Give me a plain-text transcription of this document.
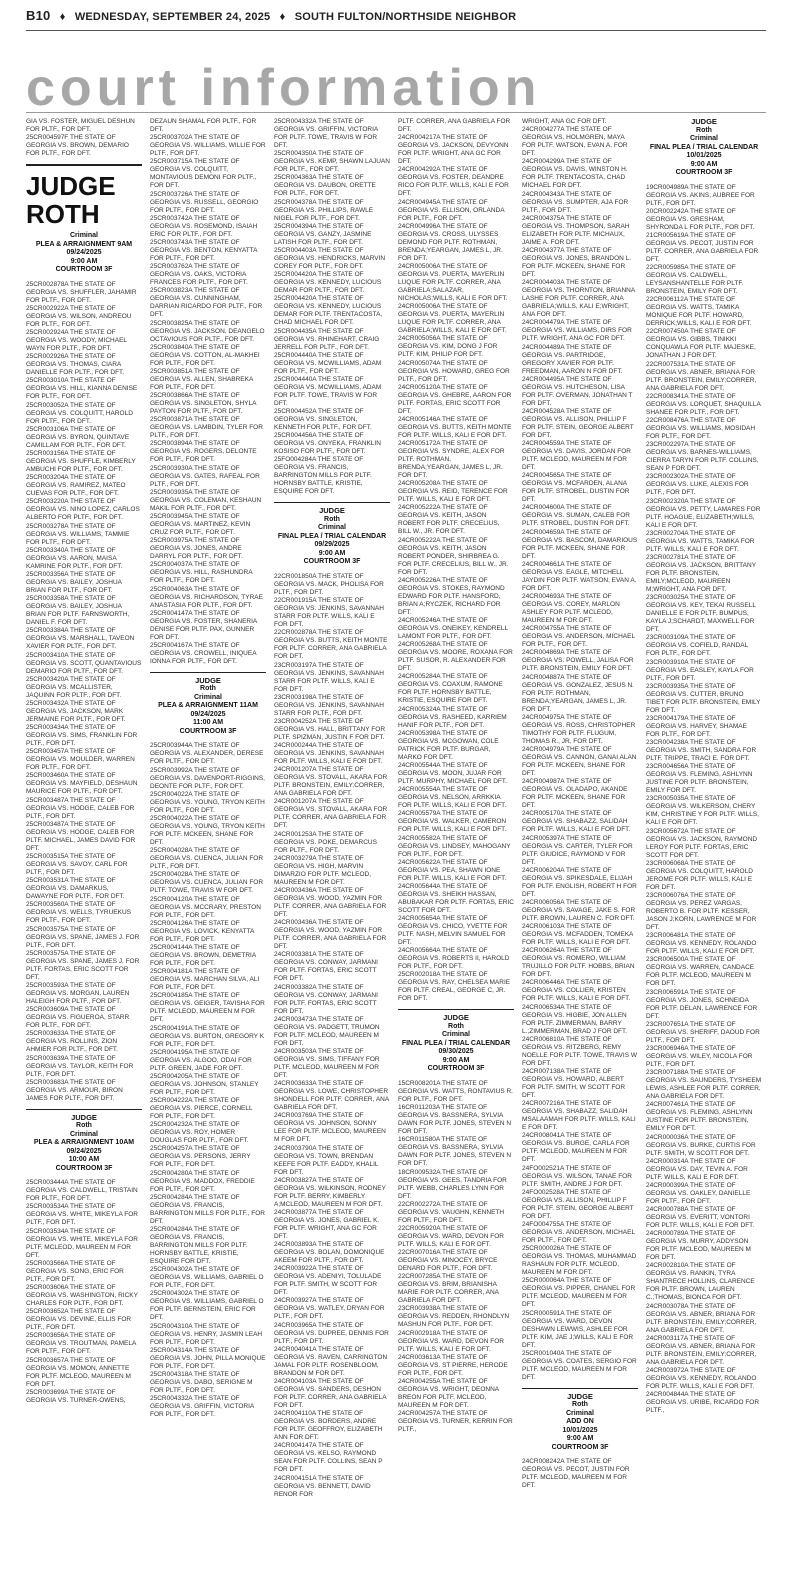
B10 ♦ WEDNESDAY, SEPTEMBER 24, 2025 ♦ SOUTH FULTON/NORTHSIDE NEIGHBOR
court information

GIA VS. FOSTER, MIGUEL DESHUN FOR PLTF., FOR DFT.

25CR004597F THE STATE OF GEORGIA VS. BROWN, DEMARIO FOR PLTF., FOR DFT.

JUDGE ROTH
Criminal
PLEA & ARRAIGNMENT 9AM
09/24/2025
9:00 AM
COURTROOM 3F

25CR002878A THE STATE OF GEORGIA VS. SHUFFLER, JAHAMIR FOR PLTF., FOR DFT.

25CR002922A THE STATE OF GEORGIA VS. WILSON, ANDREOU FOR PLTF., FOR DFT.

25CR002924A THE STATE OF GEORGIA VS. WOODY, MICHAEL WAYN FOR PLTF., FOR DFT.

25CR002926A THE STATE OF GEORGIA VS. THOMAS, CIARA DANIELLE FOR PLTF., FOR DFT.

25CR003010A THE STATE OF GEORGIA VS. HILL, KIANNA DENISE FOR PLTF., FOR DFT.

25CR003052A THE STATE OF GEORGIA VS. COLQUITT, HAROLD FOR PLTF., FOR DFT.

25CR003106A THE STATE OF GEORGIA VS. BYRON, QUINTAVE CAMILLAM FOR PLTF., FOR DFT.

25CR003156A THE STATE OF GEORGIA VS. SHUFFLE, KIMBERLY AMBUCHI FOR PLTF., FOR DFT.

25CR003204A THE STATE OF GEORGIA VS. RAMIREZ, MATEO CUEVAS FOR PLTF., FOR DFT.

25CR003220A THE STATE OF GEORGIA VS. NINO LOPEZ, CARLOS ALBERTO FOR PLTF., FOR DFT.

25CR003278A THE STATE OF GEORGIA VS. WILLIAMS, TAMMIE FOR PLTF., FOR DFT.

25CR003340A THE STATE OF GEORGIA VS. AARON, MAISA KAMRINE FOR PLTF., FOR DFT.

25CR003356A THE STATE OF GEORGIA VS. BAILEY, JOSHUA BRIAN FOR PLTF., FOR DFT.

25CR003358A THE STATE OF GEORGIA VS. BAILEY, JOSHUA BRIAN FOR PLTF. FARNSWORTH, DANIEL F. FOR DFT.

25CR003384A THE STATE OF GEORGIA VS. MARSHALL, TAVEON XAVIER FOR PLTF., FOR DFT.

25CR003410A THE STATE OF GEORGIA VS. SCOTT, QUANTAVIOUS DEMARIO FOR PLTF., FOR DFT.

25CR003420A THE STATE OF GEORGIA VS. MCALLISTER, JAQUINN FOR PLTF., FOR DFT.

25CR003432A THE STATE OF GEORGIA VS. JACKSON, MARK JERMAINE FOR PLTF., FOR DFT.

25CR003434A THE STATE OF GEORGIA VS. SIMS, FRANKLIN FOR PLTF., FOR DFT.

25CR003457A THE STATE OF GEORGIA VS. MOULDER, WARREN FOR PLTF., FOR DFT.

25CR003460A THE STATE OF GEORGIA VS. MAYFIELD, DESHAUN MAURICE FOR PLTF., FOR DFT.

25CR003487A THE STATE OF GEORGIA VS. HODGE, CALEB FOR PLTF., FOR DFT.

25CR003487A THE STATE OF GEORGIA VS. HODGE, CALEB FOR PLTF. MICHAEL, JAMES DAVID FOR DFT.

25CR003515A THE STATE OF GEORGIA VS. SAVOY, CARL FOR PLTF., FOR DFT.

25CR003531A THE STATE OF GEORGIA VS. DAMARKUS, DAWAYNE FOR PLTF., FOR DFT.

25CR003560A THE STATE OF GEORGIA VS. WELLS, TYRUEKUS FOR PLTF., FOR DFT.

25CR003575A THE STATE OF GEORGIA VS. SPANE, JAMES J. FOR PLTF., FOR DFT.

25CR003575A THE STATE OF GEORGIA VS. SPANE, JAMES J. FOR PLTF. FORTAS, ERIC SCOTT FOR DFT.

25CR003593A THE STATE OF GEORGIA VS. MORGAN, LAUREN HALEIGH FOR PLTF., FOR DFT.

25CR003609A THE STATE OF GEORGIA VS. FIGUEROA, STARR FOR PLTF., FOR DFT.

25CR003633A THE STATE OF GEORGIA VS. ROLLINS, ZION AHMIER FOR PLTF., FOR DFT.

25CR003639A THE STATE OF GEORGIA VS. TAYLOR, KEITH FOR PLTF., FOR DFT.

25CR003683A THE STATE OF GEORGIA VS. ARMOUR, BIRON JAMES FOR PLTF., FOR DFT.

JUDGE
Roth
Criminal
PLEA & ARRAIGNMENT 10AM
09/24/2025
10:00 AM
COURTROOM 3F

25CR003444A THE STATE OF GEORGIA VS. CALDWELL, TRISTAIN FOR PLTF., FOR DFT.

25CR003534A THE STATE OF GEORGIA VS. WHITE, MIKEYLA FOR PLTF., FOR DFT.

25CR003534A THE STATE OF GEORGIA VS. WHITE, MIKEYLA FOR PLTF. MCLEOD, MAUREEN M FOR DFT.

25CR003566A THE STATE OF GEORGIA VS. SONG, ERIC FOR PLTF., FOR DFT.

25CR003606A THE STATE OF GEORGIA VS. WASHINGTON, RICKY CHARLES FOR PLTF., FOR DFT.

25CR003652A THE STATE OF GEORGIA VS. DEVINE, ELLIS FOR PLTF., FOR DFT.

25CR003656A THE STATE OF GEORGIA VS. TROUTMAN, PAMELA FOR PLTF., FOR DFT.

25CR003657A THE STATE OF GEORGIA VS. MOMON, ANNETTE FOR PLTF. MCLEOD, MAUREEN M FOR DFT.

25CR003699A THE STATE OF GEORGIA VS. TURNER-OWENS,

DEZAUN SHAMAL FOR PLTF., FOR DFT.

25CR003702A THE STATE OF GEORGIA VS. WILLIAMS, WILLIE FOR PLTF., FOR DFT.

25CR003715A THE STATE OF GEORGIA VS. COLQUITT, MONTAVIOUS DEMONI FOR PLTF., FOR DFT.

25CR003726A THE STATE OF GEORGIA VS. RUSSELL, GEORGIO FOR PLTF., FOR DFT.

25CR003742A THE STATE OF GEORGIA VS. ROSEMOND, ISAIAH ERIC FOR PLTF., FOR DFT.

25CR003743A THE STATE OF GEORGIA VS. BENTON, KENYATTA FOR PLTF., FOR DFT.

25CR003762A THE STATE OF GEORGIA VS. OAKS, VICTORIA FRANCES FOR PLTF., FOR DFT.

25CR003823A THE STATE OF GEORGIA VS. CUNNINGHAM, DARRIAN RICARDO FOR PLTF., FOR DFT.

25CR003825A THE STATE OF GEORGIA VS. JACKSON, DEANGELO OCTAVIOUS FOR PLTF., FOR DFT.

25CR003840A THE STATE OF GEORGIA VS. COTTON, AL-MAKHEI FOR PLTF., FOR DFT.

25CR003851A THE STATE OF GEORGIA VS. ALLEN, SHABREKA FOR PLTF., FOR DFT.

25CR003866A THE STATE OF GEORGIA VS. SINGLETON, SHYLA PAYTON FOR PLTF., FOR DFT.

25CR003871A THE STATE OF GEORGIA VS. LAMBDIN, TYLER FOR PLTF., FOR DFT.

25CR003894A THE STATE OF GEORGIA VS. ROGERS, DELONTE FOR PLTF., FOR DFT.

25CR003930A THE STATE OF GEORGIA VS. GATES, RAFEAL FOR PLTF., FOR DFT.

25CR003935A THE STATE OF GEORGIA VS. COLEMAN, KESHAUN MAKIL FOR PLTF., FOR DFT.

25CR003945A THE STATE OF GEORGIA VS. MARTINEZ, KEVIN CRUZ FOR PLTF., FOR DFT.

25CR003975A THE STATE OF GEORGIA VS. JONES, ANDRE DARRYL FOR PLTF., FOR DFT.

25CR004037A THE STATE OF GEORGIA VS. HILL, RASHUNDRA FOR PLTF., FOR DFT.

25CR004063A THE STATE OF GEORGIA VS. RICHARDSON, TYRAE ANASTASIA FOR PLTF., FOR DFT.

25CR004147A THE STATE OF GEORGIA VS. FOSTER, SHANERIA DENISE FOR PLTF. PAX, GUNNER FOR DFT.

25CR004167A THE STATE OF GEORGIA VS. CROWELL, INIQUEA IONNA FOR PLTF., FOR DFT.

JUDGE
Roth
Criminal
PLEA & ARRAIGNMENT 11AM
09/24/2025
11:00 AM
COURTROOM 3F

25CR003944A THE STATE OF GEORGIA VS. ALEXANDER, DERESE FOR PLTF., FOR DFT.

25CR003992A THE STATE OF GEORGIA VS. DAVENPORT-RIGGINS, DEONTE FOR PLTF., FOR DFT.

25CR004022A THE STATE OF GEORGIA VS. YOUNG, TRYON KEITH FOR PLTF., FOR DFT.

25CR004022A THE STATE OF GEORGIA VS. YOUNG, TRYON KEITH FOR PLTF. MCKEEN, SHANE FOR DFT.

25CR004028A THE STATE OF GEORGIA VS. CUENCA, JULIAN FOR PLTF., FOR DFT.

25CR004028A THE STATE OF GEORGIA VS. CUENCA, JULIAN FOR PLTF. TOWE, TRAVIS W FOR DFT.

25CR004120A THE STATE OF GEORGIA VS. MCCRARY, PRESTON FOR PLTF., FOR DFT.

25CR004126A THE STATE OF GEORGIA VS. LOVICK, KENYATTA FOR PLTF., FOR DFT.

25CR004144A THE STATE OF GEORGIA VS. BROWN, DEMETRIA FOR PLTF., FOR DFT.

25CR004181A THE STATE OF GEORGIA VS. MARCHAN SILVA, ALI FOR PLTF., FOR DFT.

25CR004185A THE STATE OF GEORGIA VS. GEIGER, TAVISHA FOR PLTF. MCLEOD, MAUREEN M FOR DFT.

25CR004191A THE STATE OF GEORGIA VS. BURTON, GREGORY K FOR PLTF., FOR DFT.

25CR004195A THE STATE OF GEORGIA VS. ALGOO, ODAI FOR PLTF. GREEN, JADE FOR DFT.

25CR004205A THE STATE OF GEORGIA VS. JOHNSON, STANLEY FOR PLTF., FOR DFT.

25CR004222A THE STATE OF GEORGIA VS. PIERCE, CORNELL FOR PLTF., FOR DFT.

25CR004232A THE STATE OF GEORGIA VS. ROY, HOMER DOUGLAS FOR PLTF., FOR DFT.

25CR004257A THE STATE OF GEORGIA VS. PERSONS, JERRY FOR PLTF., FOR DFT.

25CR004280A THE STATE OF GEORGIA VS. MADDOX, FREDDIE FOR PLTF., FOR DFT.

25CR004284A THE STATE OF GEORGIA VS. FRANCIS, BARRINGTON MILLS FOR PLTF., FOR DFT.

25CR004284A THE STATE OF GEORGIA VS. FRANCIS, BARRINGTON MILLS FOR PLTF. HORNSBY BATTLE, KRISTIE, ESQUIRE FOR DFT.

25CR004302A THE STATE OF GEORGIA VS. WILLIAMS, GABRIEL O FOR PLTF., FOR DFT.

25CR004302A THE STATE OF GEORGIA VS. WILLIAMS, GABRIEL O FOR PLTF. BERNSTEIN, ERIC FOR DFT.

25CR004310A THE STATE OF GEORGIA VS. HENRY, JASMIN LEAH FOR PLTF., FOR DFT.

25CR004314A THE STATE OF GEORGIA VS. JOHN, PILLA MONIQUE FOR PLTF., FOR DFT.

25CR004318A THE STATE OF GEORGIA VS. DABO, SERIGNE M FOR PLTF., FOR DFT.

25CR004332A THE STATE OF GEORGIA VS. GRIFFIN, VICTORIA FOR PLTF., FOR DFT.

25CR004332A THE STATE OF GEORGIA VS. GRIFFIN, VICTORIA FOR PLTF. TOWE, TRAVIS W FOR DFT.

25CR004350A THE STATE OF GEORGIA VS. KEMP, SHAWN LAJUAN FOR PLTF., FOR DFT.

25CR004363A THE STATE OF GEORGIA VS. DAUBON, ORETTE FOR PLTF., FOR DFT.

25CR004378A THE STATE OF GEORGIA VS. PHILLIPS, RAWLE NIGEL FOR PLTF., FOR DFT.

25CR004394A THE STATE OF GEORGIA VS. GANZY, JASMINE LATISH FOR PLTF., FOR DFT.

25CR004403A THE STATE OF GEORGIA VS. HENDRICKS, MARVIN COREY FOR PLTF., FOR DFT.

25CR004420A THE STATE OF GEORGIA VS. KENNEDY, LUCIOUS DEMAR FOR PLTF., FOR DFT.

25CR004420A THE STATE OF GEORGIA VS. KENNEDY, LUCIOUS DEMAR FOR PLTF. TRENTACOSTA, CHAD MICHAEL FOR DFT.

25CR004435A THE STATE OF GEORGIA VS. RHINEHART, CRAIG JERRELL FOR PLTF., FOR DFT.

25CR004440A THE STATE OF GEORGIA VS. MCWILLIAMS, ADAM FOR PLTF., FOR DFT.

25CR004440A THE STATE OF GEORGIA VS. MCWILLIAMS, ADAM FOR PLTF. TOWE, TRAVIS W FOR DFT.

25CR004452A THE STATE OF GEORGIA VS. SINGLETON, KENNETH FOR PLTF., FOR DFT.

25CR004456A THE STATE OF GEORGIA VS. ONYEKA, FRANKLIN KOSISO FOR PLTF., FOR DFT.

25FO004284A THE STATE OF GEORGIA VS. FRANCIS, BARRINGTON MILLS FOR PLTF. HORNSBY BATTLE, KRISTIE, ESQUIRE FOR DFT.

JUDGE
Roth
Criminal
FINAL PLEA / TRIAL CALENDAR
09/29/2025
9:00 AM
COURTROOM 3F

22CR001850A THE STATE OF GEORGIA VS. MACK, PHOLISA FOR PLTF., FOR DFT.

22CR001915A THE STATE OF GEORGIA VS. JENKINS, SAVANNAH STARR FOR PLTF. WILLS, KALI E FOR DFT.

22CR002878A THE STATE OF GEORGIA VS. BUTTS, KEITH MONTE FOR PLTF. CORRER, ANA GABRIELA FOR DFT.

23CR003197A THE STATE OF GEORGIA VS. JENKINS, SAVANNAH STARR FOR PLTF. WILLS, KALI E FOR DFT.

23CR003198A THE STATE OF GEORGIA VS. JENKINS, SAVANNAH STARR FOR PLTF., FOR DFT.

23CR004252A THE STATE OF GEORGIA VS. HALL, BRITTANY FOR PLTF. SPIZMAN, JUSTIN F FOR DFT.

24CR000244A THE STATE OF GEORGIA VS. JENKINS, SAVANNAH FOR PLTF. WILLS, KALI E FOR DFT.

24CR001207A THE STATE OF GEORGIA VS. STOVALL, AKARA FOR PLTF. BRONSTEIN, EMILY;CORRER, ANA GABRIELA FOR DFT.

24CR001207A THE STATE OF GEORGIA VS. STOVALL, AKARA FOR PLTF. CORRER, ANA GABRIELA FOR DFT.

24CR001253A THE STATE OF GEORGIA VS. POKE, DEMARCUS FOR PLTF., FOR DFT.

24CR003279A THE STATE OF GEORGIA VS. HIGH, MARVIN DIMARZIO FOR PLTF. MCLEOD, MAUREEN M FOR DFT.

24CR003436A THE STATE OF GEORGIA VS. WOOD, YAZMIN FOR PLTF. CORRER, ANA GABRIELA FOR DFT.

24CR003436A THE STATE OF GEORGIA VS. WOOD, YAZMIN FOR PLTF. CORRER, ANA GABRIELA FOR DFT.

24CR003381A THE STATE OF GEORGIA VS. CONWAY, JARMANI FOR PLTF. FORTAS, ERIC SCOTT FOR DFT.

24CR003382A THE STATE OF GEORGIA VS. CONWAY, JARMANI FOR PLTF. FORTAS, ERIC SCOTT FOR DFT.

24CR003473A THE STATE OF GEORGIA VS. PADGETT, TRUMON FOR PLTF. MCLEOD, MAUREEN M FOR DFT.

24CR003503A THE STATE OF GEORGIA VS. SIMS, TIFFANY FOR PLTF. MCLEOD, MAUREEN M FOR DFT.

24CR003633A THE STATE OF GEORGIA VS. LOWE, CHRISTOPHER SHONDELL FOR PLTF. CORRER, ANA GABRIELA FOR DFT.

24CR003769A THE STATE OF GEORGIA VS. JOHNSON, SONNY LEE FOR PLTF. MCLEOD, MAUREEN M FOR DFT.

24CR003790A THE STATE OF GEORGIA VS. TOWN, BRENDAN KEEFE FOR PLTF. EADDY, KHALIL FOR DFT.

24CR003827A THE STATE OF GEORGIA VS. WILKINSON, RODNEY FOR PLTF. BERRY, KIMBERLY A;MCLEOD, MAUREEN M FOR DFT.

24CR003877A THE STATE OF GEORGIA VS. JONES, GABRIEL K. FOR PLTF. WRIGHT, ANA GC FOR DFT.

24CR003893A THE STATE OF GEORGIA VS. BOLAN, DOMONIQUE AKEEM FOR PLTF., FOR DFT.

24CR003922A THE STATE OF GEORGIA VS. ADENIYI, TOLULADE FOR PLTF. SMITH, W SCOTT FOR DFT.

24CR003927A THE STATE OF GEORGIA VS. WATLEY, DRYAN FOR PLTF., FOR DFT.

24CR003965A THE STATE OF GEORGIA VS. DUPREE, DENNIS FOR PLTF., FOR DFT.

24CR004041A THE STATE OF GEORGIA VS. RAVEN, CARRINGTON JAMAL FOR PLTF. ROSENBLOOM, BRANDON M FOR DFT.

24CR004103A THE STATE OF GEORGIA VS. SANDERS, DESHON FOR PLTF. CORRER, ANA GABRIELA FOR DFT.

24CR004110A THE STATE OF GEORGIA VS. BORDERS, ANDRE FOR PLTF. GEOFFROY, ELIZABETH ANN FOR DFT.

24CR004147A THE STATE OF GEORGIA VS. KELSO, RAYMOND SEAN FOR PLTF. COLLINS, SEAN P FOR DFT.

24CR004151A THE STATE OF GEORGIA VS. BENNETT, DAVID RENOR FOR

PLTF. CORRER, ANA GABRIELA FOR DFT.

24CR004217A THE STATE OF GEORGIA VS. JACKSON, DEVYONN FOR PLTF. WRIGHT, ANA GC FOR DFT.

24CR004292A THE STATE OF GEORGIA VS. FOSTER, DEANDRE RICO FOR PLTF. WILLS, KALI E FOR DFT.

24CR004945A THE STATE OF GEORGIA VS. ELLISON, ORLANDA FOR PLTF., FOR DFT.

24CR004996A THE STATE OF GEORGIA VS. CROSS, ULYSSES DEMOND FOR PLTF. ROTHMAN, BRENDA;YEARGAN, JAMES L, JR. FOR DFT.

24CR005006A THE STATE OF GEORGIA VS. PUERTA, MAYERLIN LUQUE FOR PLTF. CORRER, ANA GABRIELA;SALAZAR, NICHOLAS;WILLS, KALI E FOR DFT.

24CR005006A THE STATE OF GEORGIA VS. PUERTA, MAYERLIN LUQUE FOR PLTF. CORRER, ANA GABRIELA;WILLS, KALI E FOR DFT.

24CR005056A THE STATE OF GEORGIA VS. KIM, DONG J FOR PLTF. KIM, PHILIP FOR DFT.

24CR005074A THE STATE OF GEORGIA VS. HOWARD, GREG FOR PLTF., FOR DFT.

24CR005120A THE STATE OF GEORGIA VS. GHEBRE, AARON FOR PLTF. FORTAS, ERIC SCOTT FOR DFT.

24CR005146A THE STATE OF GEORGIA VS. BUTTS, KEITH MONTE FOR PLTF. WILLS, KALI E FOR DFT.

24CR005172A THE STATE OF GEORGIA VS. SYNDRE, ALEX FOR PLTF. ROTHMAN, BRENDA;YEARGAN, JAMES L, JR. FOR DFT.

24CR005208A THE STATE OF GEORGIA VS. REID, TERENCE FOR PLTF. WILLS, KALI E FOR DFT.

24CR005222A THE STATE OF GEORGIA VS. KEITH, JASON ROBERT FOR PLTF. CRECELIUS, BILL W., JR. FOR DFT.

24CR005222A THE STATE OF GEORGIA VS. KEITH, JASON ROBERT PONDER, SHIRBREA G. FOR PLTF. CRECELIUS, BILL W., JR. FOR DFT.

24CR005226A THE STATE OF GEORGIA VS. STOKES, RAYMOND EDWARD FOR PLTF. HANSFORD, BRIAN A;RYCZEK, RICHARD FOR DFT.

24CR005246A THE STATE OF GEORGIA VS. ONEIKEY, KENDRELL LAMONT FOR PLTF., FOR DFT.

24CR005268A THE STATE OF GEORGIA VS. MOORE, ROXANA FOR PLTF. SUSOR, R. ALEXANDER FOR DFT.

24CR005284A THE STATE OF GEORGIA VS. COAXUM, RAMONE FOR PLTF. HORNSBY BATTLE, KRISTIE, ESQUIRE FOR DFT.

24CR005324A THE STATE OF GEORGIA VS. RASHEED, KARRIEM HANIF FOR PLTF., FOR DFT.

24CR005398A THE STATE OF GEORGIA VS. MCGOWAN, COLE PATRICK FOR PLTF. BURGAR, MARKO FOR DFT.

24CR005544A THE STATE OF GEORGIA VS. MOON, JUJAR FOR PLTF. MURPHY, MICHAEL FOR DFT.

24CR005554A THE STATE OF GEORGIA VS. NELSON, ARRKKIA FOR PLTF. WILLS, KALI E FOR DFT.

24CR005579A THE STATE OF GEORGIA VS. WALKER, CAMERON FOR PLTF. WILLS, KALI E FOR DFT.

24CR005582A THE STATE OF GEORGIA VS. LINDSEY, MAHOGANY FOR PLTF., FOR DFT.

24CR005622A THE STATE OF GEORGIA VS. PEA, SHAWN IONE FOR PLTF. WILLS, KALI E FOR DFT.

24CR005644A THE STATE OF GEORGIA VS. SHEIKH HASSAN, ABUBAKAR FOR PLTF. FORTAS, ERIC SCOTT FOR DFT.

24CR005654A THE STATE OF GEORGIA VS. CHICO, YVETTE FOR PLTF. NASH, MELVIN SAMUEL FOR DFT.

24CR005664A THE STATE OF GEORGIA VS. ROBERTS II, HAROLD FOR PLTF., FOR DFT.

25CR002018A THE STATE OF GEORGIA VS. RAY, CHELSEA MARIE FOR PLTF. CREAL, GEORGE C, JR. FOR DFT.

JUDGE
Roth
Criminal
FINAL PLEA / TRIAL CALENDAR
09/30/2025
9:00 AM
COURTROOM 3F

15CR008201A THE STATE OF GEORGIA VS. WATTS, RONTAVIUS R. FOR PLTF., FOR DFT.

16CR011203A THE STATE OF GEORGIA VS. BASSNERA, SYLVIA DAWN FOR PLTF. JONES, STEVEN N FOR DFT.

16CR011580A THE STATE OF GEORGIA VS. BASSNERA, SYLVIA DAWN FOR PLTF. JONES, STEVEN N FOR DFT.

18CR009532A THE STATE OF GEORGIA VS. GEES, TANDRIA FOR PLTF. WEBB, CHARLES LYNN FOR DFT.

22CR002272A THE STATE OF GEORGIA VS. VAUGHN, KENNETH FOR PLTF., FOR DFT.

22CR005920A THE STATE OF GEORGIA VS. WARD, DEVON FOR PLTF. WILLS, KALI E FOR DFT.

22CR007016A THE STATE OF GEORGIA VS. MINOCEY, BRYCE DENARD FOR PLTF., FOR DFT.

22CR007285A THE STATE OF GEORGIA VS. BRIM, BRIANISHA MARIE FOR PLTF. CORRER, ANA GABRIELA FOR DFT.

23CR003938A THE STATE OF GEORGIA VS. REDDEN, RHONDLYN MASHUN FOR PLTF., FOR DFT.

24CR002918A THE STATE OF GEORGIA VS. WARD, DEVON FOR PLTF. WILLS, KALI E FOR DFT.

24CR003613A THE STATE OF GEORGIA VS. ST PIERRE, HERODE FOR PLTF., FOR DFT.

24CR004255A THE STATE OF GEORGIA VS. WRIGHT, DEONNA BREON FOR PLTF. MCLEOD, MAUREEN M FOR DFT.

24CR004257A THE STATE OF GEORGIA VS. TURNER, KERRIN FOR PLTF.,

WRIGHT, ANA GC FOR DFT.

24CR004277A THE STATE OF GEORGIA VS. HOLMGREN, MAYA FOR PLTF. WATSON, EVAN A. FOR DFT.

24CR004299A THE STATE OF GEORGIA VS. DAVIS, WINSTON H. FOR PLTF. TRENTACOSTA, CHAD MICHAEL FOR DFT.

24CR004343A THE STATE OF GEORGIA VS. SUMPTER, AJA FOR PLTF., FOR DFT.

24CR004375A THE STATE OF GEORGIA VS. THOMPSON, SARAH ELIZABETH FOR PLTF. MICHAUX, JAIME A. FOR DFT.

24CR004377A THE STATE OF GEORGIA VS. JONES, BRANDON L. FOR PLTF. MCKEEN, SHANE FOR DFT.

24CR004403A THE STATE OF GEORGIA VS. THORNTON, BRIANNA LASHE FOR PLTF. CORRER, ANA GABRIELA;WILLS, KALI E;WRIGHT, ANA FOR DFT.

24CR004479A THE STATE OF GEORGIA VS. WILLIAMS, DIRS FOR PLTF. WRIGHT, ANA GC FOR DFT.

24CR004489A THE STATE OF GEORGIA VS. PARTRIDGE, GREGORY XAVIER FOR PLTF. FREEDMAN, AARON N FOR DFT.

24CR004495A THE STATE OF GEORGIA VS. HUTCHESON, LISA FOR PLTF. OVERMAN, JONATHAN T FOR DFT.

24CR004528A THE STATE OF GEORGIA VS. ALLISON, PHILLIP F FOR PLTF. STEIN, GEORGE ALBERT FOR DFT.

24CR004559A THE STATE OF GEORGIA VS. DAVIS, JORDAN FOR PLTF. MCLEOD, MAUREEN M FOR DFT.

24CR004565A THE STATE OF GEORGIA VS. MCFARDEN, ALANA FOR PLTF. STROBEL, DUSTIN FOR DFT.

24CR004600A THE STATE OF GEORGIA VS. SUMAN, CALEB FOR PLTF. STROBEL, DUSTIN FOR DFT.

24CR004659A THE STATE OF GEORGIA VS. BASCOM, DAMARIOUS FOR PLTF. MCKEEN, SHANE FOR DFT.

24CR004661A THE STATE OF GEORGIA VS. EAGLE, MITCHELL JAYDIN FOR PLTF. WATSON, EVAN A. FOR DFT.

24CR004693A THE STATE OF GEORGIA VS. COREY, MARLON ASHLEY FOR PLTF. MCLEOD, MAUREEN M FOR DFT.

24CR004755A THE STATE OF GEORGIA VS. ANDERSON, MICHAEL FOR PLTF., FOR DFT.

24CR004869A THE STATE OF GEORGIA VS. POWELL, JALISA FOR PLTF. BRONSTEIN, EMILY FOR DFT.

24CR004887A THE STATE OF GEORGIA VS. GONZALEZ, JESUS N. FOR PLTF. ROTHMAN, BRENDA;YEARGAN, JAMES L, JR. FOR DFT.

24CR004975A THE STATE OF GEORGIA VS. ROSS, CHRISTOPHER TIMOTHY FOR PLTF. FLUGUM, THOMAS R., JR. FOR DFT.

24CR004979A THE STATE OF GEORGIA VS. CANNON, GANAI ALAN FOR PLTF. MCKEEN, SHANE FOR DFT.

24CR004987A THE STATE OF GEORGIA VS. OLADAPO, AKANDE FOR PLTF. MCKEEN, SHANE FOR DFT.

24CR005170A THE STATE OF GEORGIA VS. SHABAZZ, SALIDAH FOR PLTF. WILLS, KALI E FOR DFT.

24CR005397A THE STATE OF GEORGIA VS. CARTER, TYLER FOR PLTF. GIUDICE, RAYMOND V FOR DFT.

24CR006204A THE STATE OF GEORGIA VS. SPIKESDALE, ELIJAH FOR PLTF. ENGLISH, ROBERT H FOR DFT.

24CR006056A THE STATE OF GEORGIA VS. SAVAGE, JAKE S. FOR PLTF. BROWN, LAUREN C. FOR DFT.

24CR006103A THE STATE OF GEORGIA VS. MCFADDEN, TOMEKA FOR PLTF. WILLS, KALI E FOR DFT.

24CR006264A THE STATE OF GEORGIA VS. ROMERO, WILLIAM TRUJILLO FOR PLTF. HOBBS, BRIAN FOR DFT.

24CR006446A THE STATE OF GEORGIA VS. COLLIER, KRISTEN FOR PLTF. WILLS, KALI E FOR DFT.

24CR006534A THE STATE OF GEORGIA VS. HIGBIE, JON ALLEN FOR PLTF. ZIMMERMAN, BARRY L.;ZIMMERMAN, BRAD J FOR DFT.

24CR006810A THE STATE OF GEORGIA VS. RITZBERG, REMY NOELLE FOR PLTF. TOWE, TRAVIS W FOR DFT.

24CR007138A THE STATE OF GEORGIA VS. HOWARD, ALBERT FOR PLTF. SMITH, W SCOTT FOR DFT.

24CR007216A THE STATE OF GEORGIA VS. SHABAZZ, SALIDAH MSALAAMAH FOR PLTF. WILLS, KALI E FOR DFT.

24CR008041A THE STATE OF GEORGIA VS. BURGE, CARLA FOR PLTF. MCLEOD, MAUREEN M FOR DFT.

24FO002521A THE STATE OF GEORGIA VS. WILSON, TANAE FOR PLTF. SMITH, ANDRE J FOR DFT.

24FO002528A THE STATE OF GEORGIA VS. ALLISON, PHILLIP F FOR PLTF. STEIN, GEORGE ALBERT FOR DFT.

24FO004755A THE STATE OF GEORGIA VS. ANDERSON, MICHAEL FOR PLTF., FOR DFT.

25CR000026A THE STATE OF GEORGIA VS. THOMAS, MUHAMMAD RASHAUN FOR PLTF. MCLEOD, MAUREEN M FOR DFT.

25CR000064A THE STATE OF GEORGIA VS. PIPPER, CHANEL FOR PLTF. MCLEOD, MAUREEN M FOR DFT.

25CR000591A THE STATE OF GEORGIA VS. WARD, DEVON DESHAWN LEWWIS, ASHLEE FOR PLTF. KIM, JAE J;WILLS, KALI E FOR DFT.

25CR001040A THE STATE OF GEORGIA VS. COATES, SERGIO FOR PLTF. MCLEOD, MAUREEN M FOR DFT.

JUDGE
Roth
Criminal
ADD ON
10/01/2025
9:00 AM
COURTROOM 3F

24CR008242A THE STATE OF GEORGIA VS. PECOT, JUSTIN FOR PLTF. MCLEOD, MAUREEN M FOR DFT.

JUDGE
Roth
Criminal
FINAL PLEA / TRIAL CALENDAR
10/01/2025
9:00 AM
COURTROOM 3F

19CR004989A THE STATE OF GEORGIA VS. AKINS, AUBREE FOR PLTF., FOR DFT.

20CR002242A THE STATE OF GEORGIA VS. GRESHAM, SHYRONDA L FOR PLTF., FOR DFT.

21CR005619A THE STATE OF GEORGIA VS. PECOT, JUSTIN FOR PLTF. CORRER, ANA GABRIELA FOR DFT.

22CR005985A THE STATE OF GEORGIA VS. CALDWELL, LEYSANSHANTELLE FOR PLTF. BRONSTEIN, EMILY FOR DFT.

22CR006112A THE STATE OF GEORGIA VS. WATTS, TAMIKA MONIQUE FOR PLTF. HOWARD, DERRICK;WILLS, KALI E FOR DFT.

22CR007450A THE STATE OF GEORGIA VS. GIBBS, TINIKKI CONQUAWLA FOR PLTF. MAJESKE, JONATHAN J FOR DFT.

22CR007531A THE STATE OF GEORGIA VS. ABNER, BRIANA FOR PLTF. BRONSTEIN, EMILY;CORRER, ANA GABRIELA FOR DFT.

22CR008341A THE STATE OF GEORGIA VS. LORQUET, SHAQUILLA SHANEE FOR PLTF., FOR DFT.

22CR008476A THE STATE OF GEORGIA VS. WILLIAMS, MOSIDAH FOR PLTF., FOR DFT.

23CR002297A THE STATE OF GEORGIA VS. BARNES-WILLIAMS, CIERRA TARYN FOR PLTF. COLLINS, SEAN P FOR DFT.

23CR002302A THE STATE OF GEORGIA VS. LUKE, ALEXIS FOR PLTF., FOR DFT.

23CR002320A THE STATE OF GEORGIA VS. PETTY, LAMARES FOR PLTF. HOAGUE, ELIZABETH;WILLS, KALI E FOR DFT.

23CR002704A THE STATE OF GEORGIA VS. WATTS, TAMIKA FOR PLTF. WILLS, KALI E FOR DFT.

23CR002781A THE STATE OF GEORGIA VS. JACKSON, BRITTANY FOR PLTF. BRONSTEIN, EMILY;MCLEOD, MAUREEN M;WRIGHT, ANA FOR DFT.

23CR003025A THE STATE OF GEORGIA VS. KEY, TEKAI RUSSELL DANIELLE E FOR PLTF. BUMPUS, KAYLA J;SCHARDT, MAXWELL FOR DFT.

23CR003109A THE STATE OF GEORGIA VS. COFIELD, RANDAL FOR PLTF., FOR DFT.

23CR003910A THE STATE OF GEORGIA VS. EASLEY, KAYLA FOR PLTF., FOR DFT.

23CR003935A THE STATE OF GEORGIA VS. CUTTER, BRUNO TIBET FOR PLTF. BRONSTEIN, EMILY FOR DFT.

23CR004179A THE STATE OF GEORGIA VS. HARVEY, SHAMAE FOR PLTF., FOR DFT.

23CR004238A THE STATE OF GEORGIA VS. SMITH, SANDRA FOR PLTF. TRIPPE, TRACI E. FOR DFT.

23CR004656A THE STATE OF GEORGIA VS. FLEMING, ASHLYNN JUSTINE FOR PLTF. BRONSTEIN, EMILY FOR DFT.

23CR005035A THE STATE OF GEORGIA VS. WILKERSON, CHERY KIM, CHRISTINE Y FOR PLTF. WILLS, KALI E FOR DFT.

23CR005672A THE STATE OF GEORGIA VS. JACKSON, RAYMOND LEROY FOR PLTF. FORTAS, ERIC SCOTT FOR DFT.

23CR006068A THE STATE OF GEORGIA VS. COLQUITT, HAROLD JEROME FOR PLTF. WILLS, KALI E FOR DFT.

23CR006076A THE STATE OF GEORGIA VS. PEREZ VARGAS, ROBERTO B. FOR PLTF. KESSER, JASON J;KORN, LAWRENCE M FOR DFT.

23CR006481A THE STATE OF GEORGIA VS. KENNEDY, ROLANDO FOR PLTF. WILLS, KALI E FOR DFT.

23CR006500A THE STATE OF GEORGIA VS. WARREN, CANDACE FOR PLTF. MCLEOD, MAUREEN M FOR DFT.

23CR006591A THE STATE OF GEORGIA VS. JONES, SCHNEIDA FOR PLTF. DELAN, LAWRENCE FOR DFT.

23CR007651A THE STATE OF GEORGIA VS. SHERIFF, DAOUD FOR PLTF., FOR DFT.

23CR006946A THE STATE OF GEORGIA VS. WILEY, NICOLA FOR PLTF., FOR DFT.

23CR007188A THE STATE OF GEORGIA VS. SAUNDERS, TYSHEEM LEWIS, ASHLEE FOR PLTF. CORRER, ANA GABRIELA FOR DFT.

24CR007461A THE STATE OF GEORGIA VS. FLEMING, ASHLYNN JUSTINE FOR PLTF. BRONSTEIN, EMILY FOR DFT.

24CR000036A THE STATE OF GEORGIA VS. BURKE, CURTIS FOR PLTF. SMITH, W SCOTT FOR DFT.

24CR000314A THE STATE OF GEORGIA VS. DAY, TEVIN A. FOR PLTF. WILLS, KALI E FOR DFT.

24CR000399A THE STATE OF GEORGIA VS. OAKLEY, DANIELLE FOR PLTF., FOR DFT.

24CR000788A THE STATE OF GEORGIA VS. EVERITT, VONTORI FOR PLTF. WILLS, KALI E FOR DFT.

24CR000789A THE STATE OF GEORGIA VS. MURRY, ADDYSON FOR PLTF. MCLEOD, MAUREEN M FOR DFT.

24CR002810A THE STATE OF GEORGIA VS. RANKIN, TYRA SHANTRECE HOLLINS, CLARENCE FOR PLTF. BROWN, LAUREN C.;THOMAS, BIONCA FOR DFT.

24CR003078A THE STATE OF GEORGIA VS. ABNER, BRIANA FOR PLTF. BRONSTEIN, EMILY;CORRER, ANA GABRIELA FOR DFT.

24CR003117A THE STATE OF GEORGIA VS. ABNER, BRIANA FOR PLTF. BRONSTEIN, EMILY;CORRER, ANA GABRIELA FOR DFT.

24CR003972A THE STATE OF GEORGIA VS. KENNEDY, ROLANDO FOR PLTF. WILLS, KALI E FOR DFT.

24CR004844A THE STATE OF GEORGIA VS. URIBE, RICARDO FOR PLTF.,
